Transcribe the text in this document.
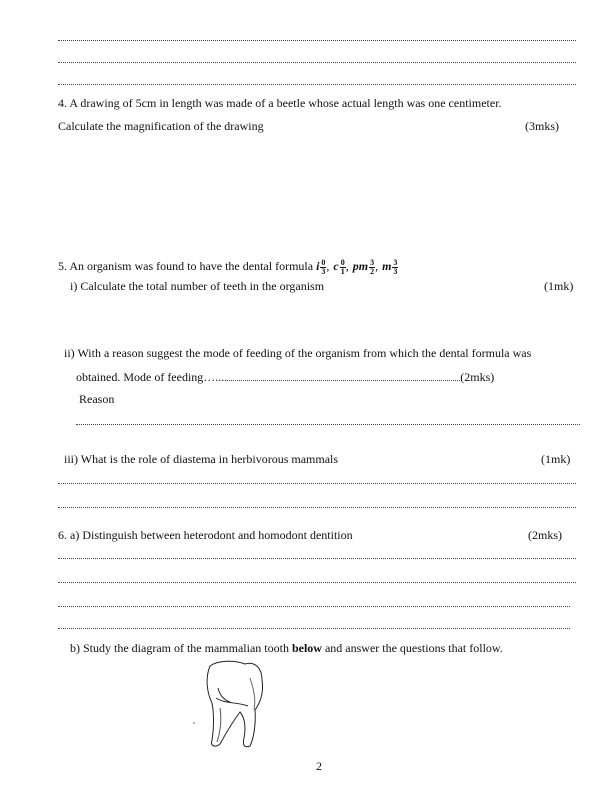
4. A drawing of 5cm in length was made of a beetle whose actual length was one centimeter.
Calculate the magnification of the drawing	(3mks)
5. An organism was found to have the dental formula i $\frac{0}{3}$ , c $\frac{0}{1}$ , pm $\frac{3}{2}$ , m $\frac{3}{3}$
i) Calculate the total number of teeth in the organism	(1mk)
ii) With a reason suggest the mode of feeding of the organism from which the dental formula was
obtained. Mode of feeding…....	(2mks)
Reason
iii) What is the role of diastema in herbivorous mammals	(1mk)
6. a) Distinguish between heterodont and homodont dentition	(2mks)
b) Study the diagram of the mammalian tooth below and answer the questions that follow.
2
